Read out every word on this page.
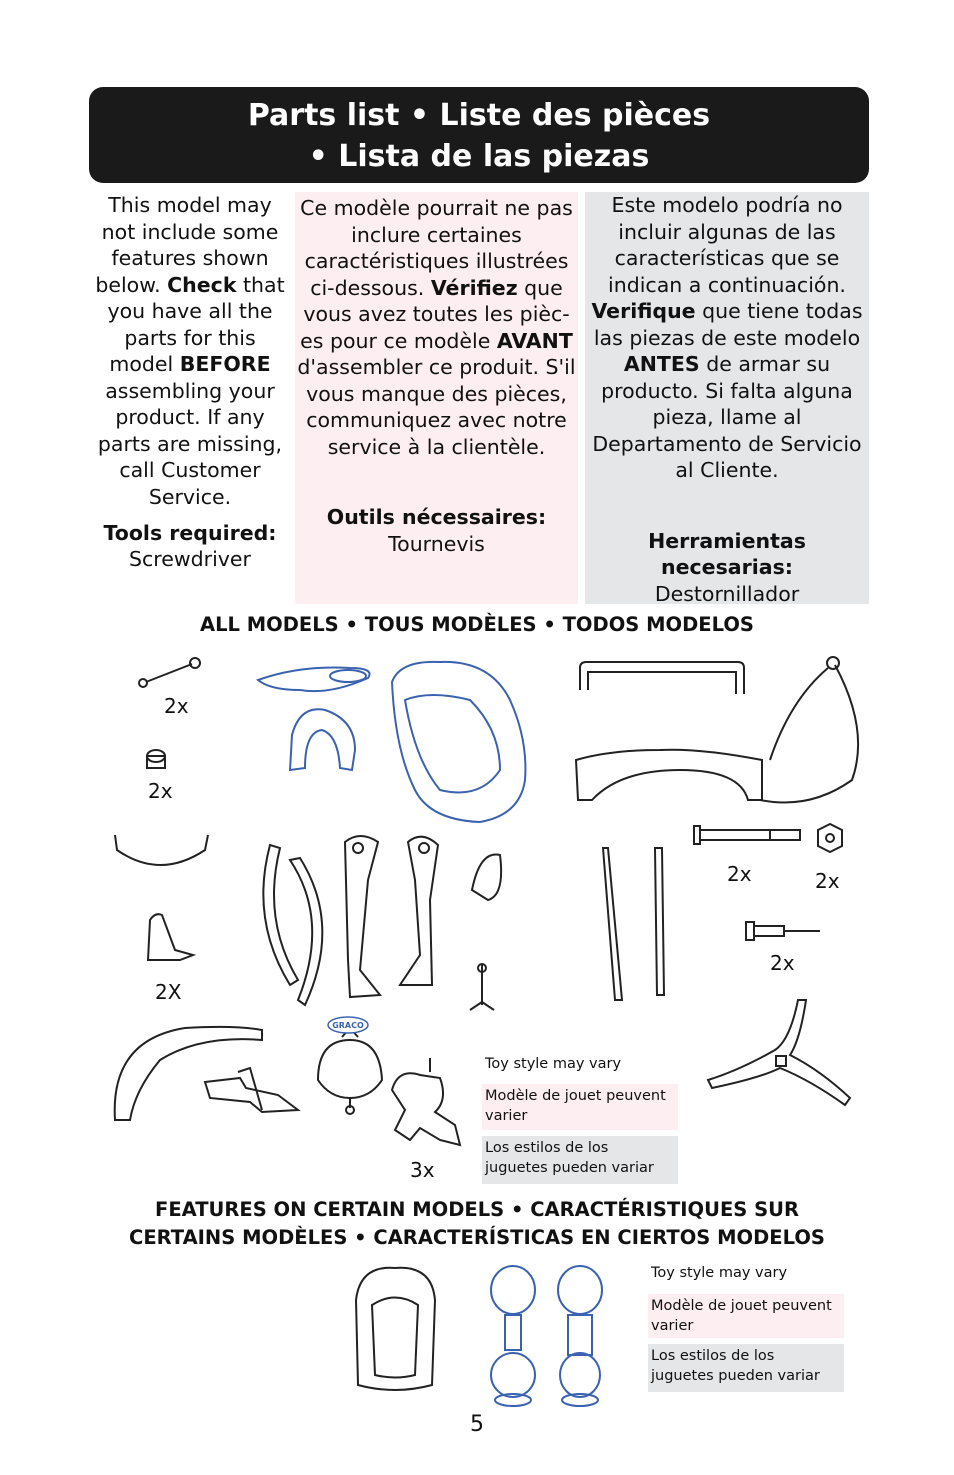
Parts list • Liste des pièces
• Lista de las piezas
This model may not include some features shown below. Check that you have all the parts for this model BEFORE assembling your product. If any parts are missing, call Customer Service.
Tools required:
Screwdriver
Ce modèle pourrait ne pas inclure certaines caractéristiques illustrées ci-dessous. Vérifiez que vous avez toutes les pièc-es pour ce modèle AVANT d'assembler ce produit. S'il vous manque des pièces, communiquez avec notre service à la clientèle.
Outils nécessaires:
Tournevis
Este modelo podría no incluir algunas de las características que se indican a continuación. Verifique que tiene todas las piezas de este modelo ANTES de armar su producto. Si falta alguna pieza, llame al Departamento de Servicio al Cliente.
Herramientas necesarias:
Destornillador
ALL MODELS • TOUS MODÈLES • TODOS MODELOS
GRACO
2x
2x
2X
2x	2x
2x
3x
Toy style may vary
Modèle de jouet peuvent varier
Los estilos de los juguetes pueden variar
FEATURES ON CERTAIN MODELS • CARACTÉRISTIQUES SUR
CERTAINS MODÈLES • CARACTERÍSTICAS EN CIERTOS MODELOS
Toy style may vary
Modèle de jouet peuvent varier
Los estilos de los juguetes pueden variar
5
